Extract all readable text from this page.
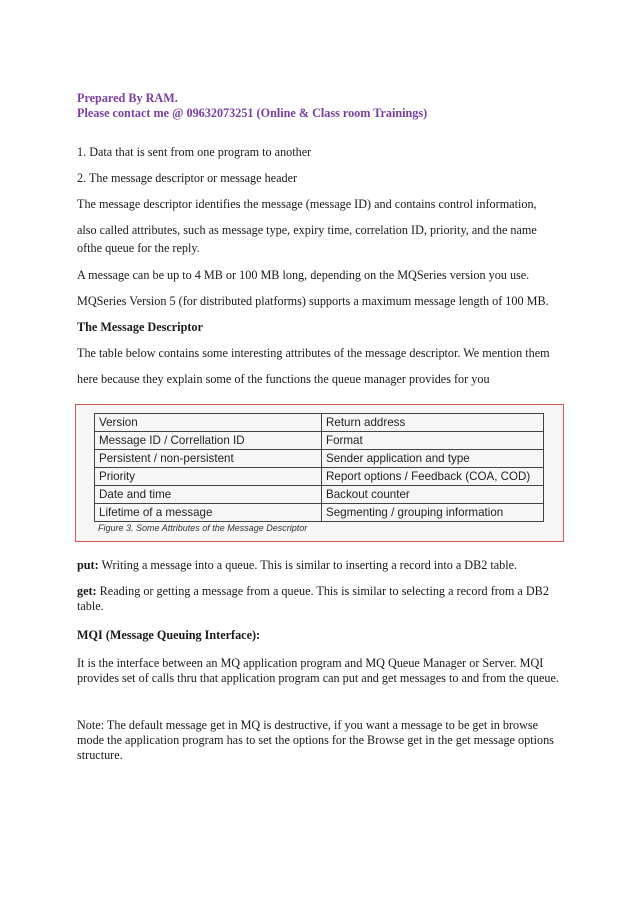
Prepared By RAM.
Please contact me @ 09632073251 (Online & Class room Trainings)
1. Data that is sent from one program to another
2. The message descriptor or message header
The message descriptor identifies the message (message ID) and contains control information,
also called attributes, such as message type, expiry time, correlation ID, priority, and the name
ofthe queue for the reply.
A message can be up to 4 MB or 100 MB long, depending on the MQSeries version you use.
MQSeries Version 5 (for distributed platforms) supports a maximum message length of 100 MB.
The Message Descriptor
The table below contains some interesting attributes of the message descriptor. We mention them
here because they explain some of the functions the queue manager provides for you
Version	Return address
Message ID / Correllation ID	Format
Persistent / non-persistent	Sender application and type
Priority	Report options / Feedback (COA, COD)
Date and time	Backout counter
Lifetime of a message	Segmenting / grouping information
Figure 3. Some Attributes of the Message Descriptor
put: Writing a message into a queue. This is similar to inserting a record into a DB2 table.
get: Reading or getting a message from a queue. This is similar to selecting a record from a DB2 table.
MQI (Message Queuing Interface):
It is the interface between an MQ application program and MQ Queue Manager or Server. MQI provides set of calls thru that application program can put and get messages to and from the queue.
Note: The default message get in MQ is destructive, if you want a message to be get in browse mode the application program has to set the options for the Browse get in the get message options structure.
